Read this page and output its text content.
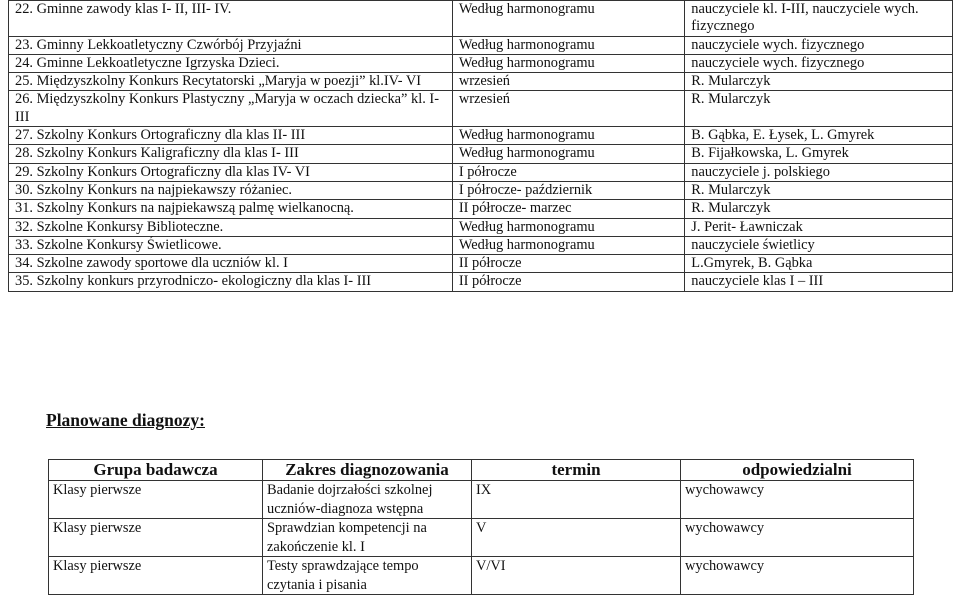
22. Gminne zawody klas I- II, III- IV.	Według harmonogramu	nauczyciele kl. I-III, nauczyciele wych. fizycznego
23. Gminny Lekkoatletyczny Czwórbój Przyjaźni	Według harmonogramu	nauczyciele wych. fizycznego
24. Gminne Lekkoatletyczne Igrzyska Dzieci.	Według harmonogramu	nauczyciele wych. fizycznego
25. Międzyszkolny Konkurs Recytatorski „Maryja w poezji” kl.IV- VI	wrzesień	R. Mularczyk
26. Międzyszkolny Konkurs Plastyczny „Maryja w oczach dziecka” kl. I- III	wrzesień	R. Mularczyk
27. Szkolny Konkurs Ortograficzny dla klas II- III	Według harmonogramu	B. Gąbka, E. Łysek, L. Gmyrek
28. Szkolny Konkurs Kaligraficzny dla klas I- III	Według harmonogramu	B. Fijałkowska, L. Gmyrek
29. Szkolny Konkurs Ortograficzny dla klas IV- VI	I półrocze	nauczyciele j. polskiego
30. Szkolny Konkurs na najpiekawszy różaniec.	I półrocze- październik	R. Mularczyk
31. Szkolny Konkurs na najpiekawszą palmę wielkanocną.	II półrocze- marzec	R. Mularczyk
32. Szkolne Konkursy Biblioteczne.	Według harmonogramu	J. Perit- Ławniczak
33. Szkolne Konkursy Świetlicowe.	Według harmonogramu	nauczyciele świetlicy
34. Szkolne zawody sportowe dla uczniów kl. I	II półrocze	L.Gmyrek, B. Gąbka
35. Szkolny konkurs przyrodniczo- ekologiczny dla klas I- III	II półrocze	nauczyciele klas I – III
Planowane diagnozy:
Grupa badawcza	Zakres diagnozowania	termin	odpowiedzialni
Klasy pierwsze	Badanie dojrzałości szkolnej uczniów-diagnoza wstępna	IX	wychowawcy
Klasy pierwsze	Sprawdzian kompetencji na zakończenie kl. I	V	wychowawcy
Klasy pierwsze	Testy sprawdzające tempo czytania i pisania	V/VI	wychowawcy
